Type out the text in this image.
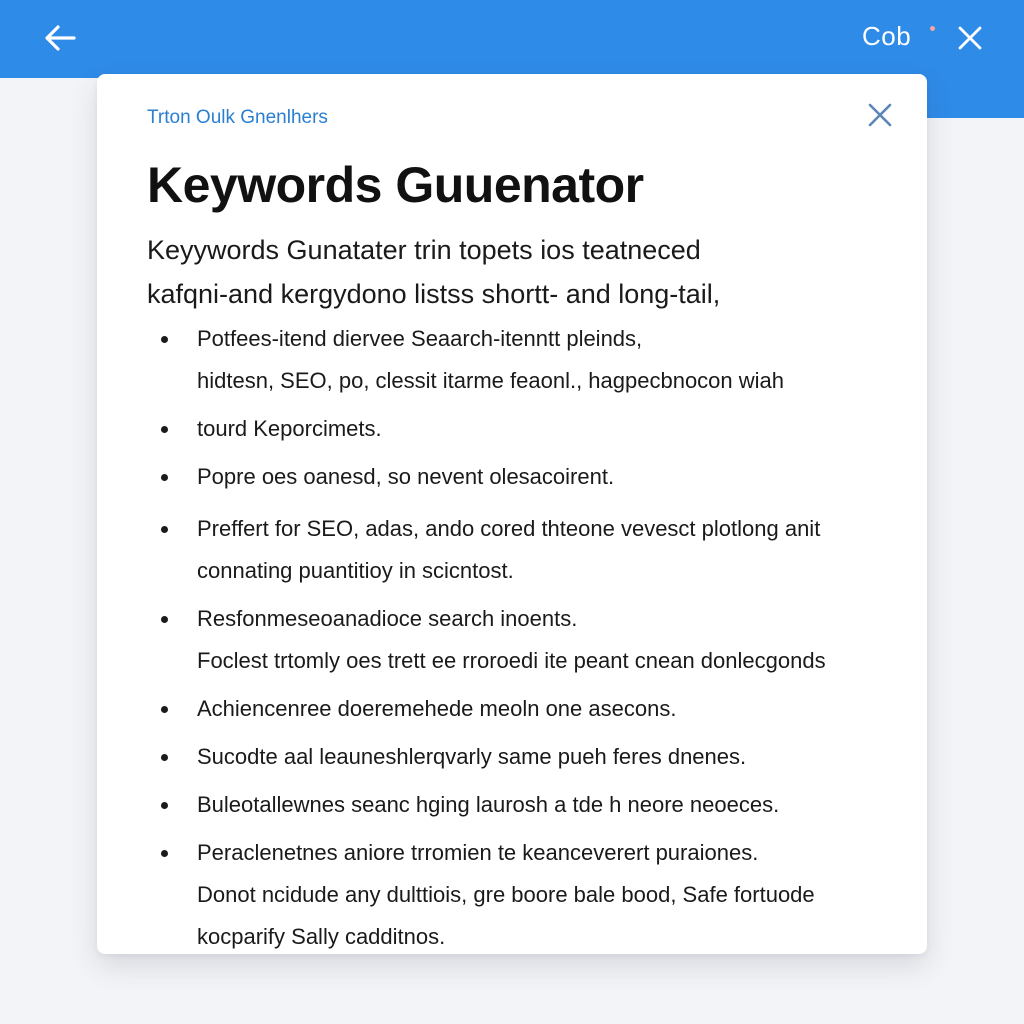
Cob
Trton Oulk Gnenlhers
Keywords Guuenator

Keyywords Gunatater trin topets ios teatneced
kafqni-and kergydono listss shortt- and long-tail,

Potfees-itend diervee Seaarch-itenntt pleinds,
hidtesn, SEO, po, clessit itarme feaonl., hagpecbnocon wiah
tourd Keporcimets.
Popre oes oanesd, so nevent olesacoirent.
Preffert for SEO, adas, ando cored thteone vevesct plotlong anit
connating puantitioy in scicntost.
Resfonmeseoanadioce search inoents.
Foclest trtomly oes trett ee rroroedi ite peant cnean donlecgonds
Achiencenree doeremehede meoln one asecons.
Sucodte aal leauneshlerqvarly same pueh feres dnenes.
Buleotallewnes seanc hging laurosh a tde h neore neoeces.
Peraclenetnes aniore trromien te keanceverert puraiones.
Donot ncidude any dulttiois, gre boore bale bood, Safe fortuode
kocparify Sally cadditnos.
